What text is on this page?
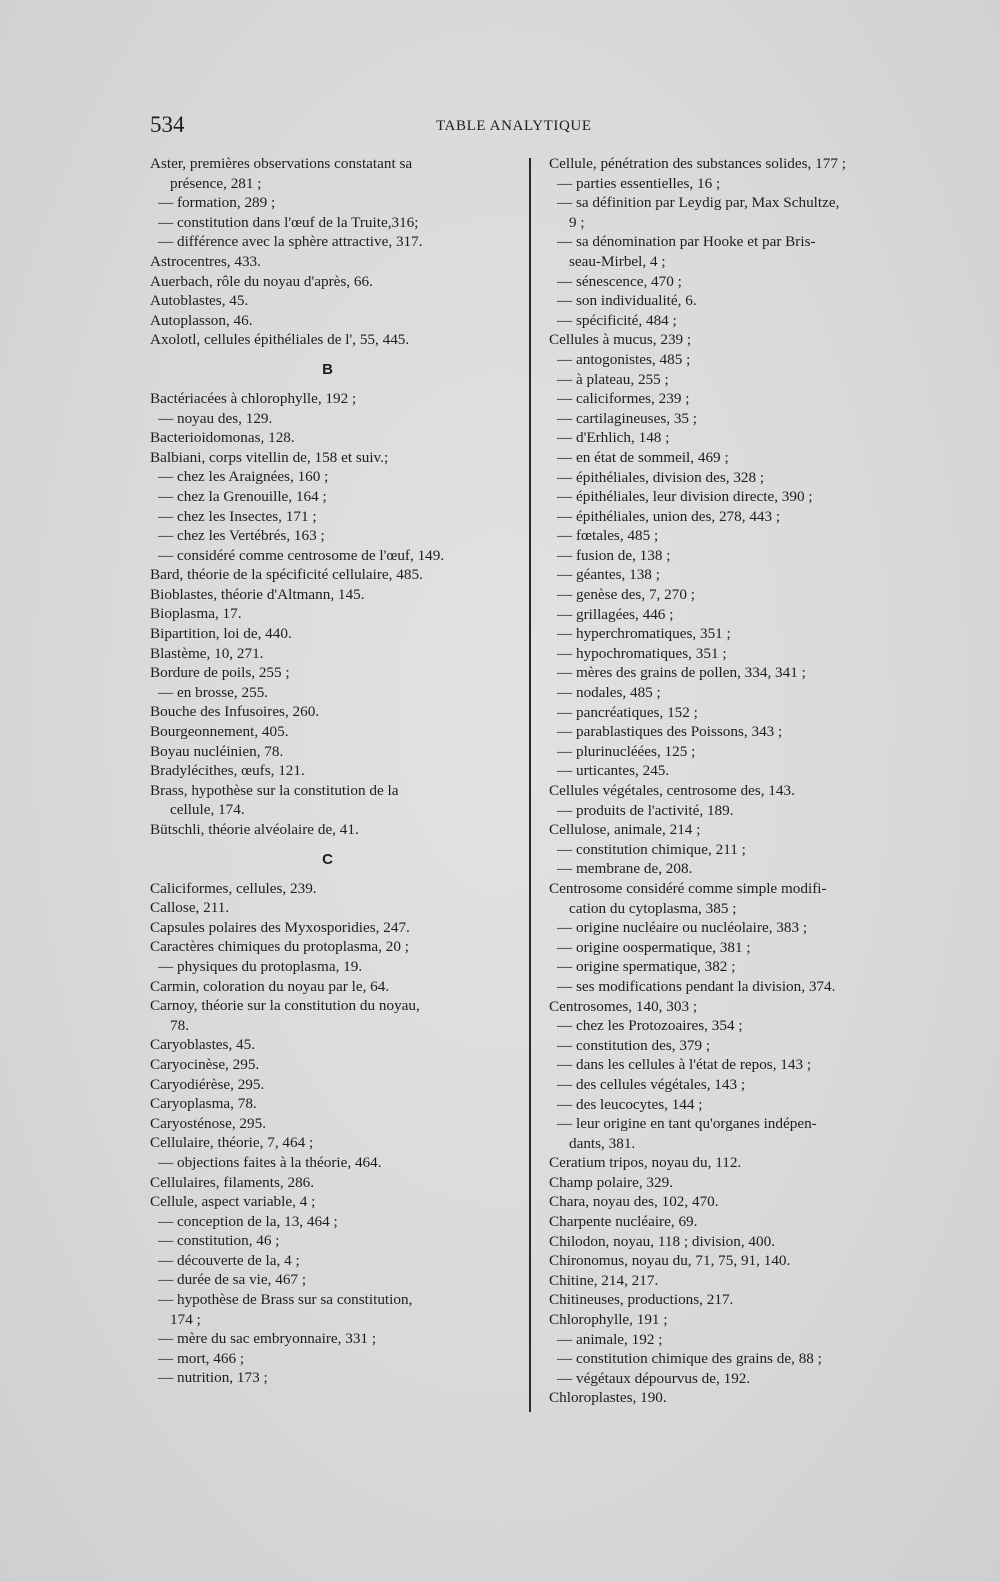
534	TABLE ANALYTIQUE
Aster, premières observations constatant sa
présence, 281 ;
— formation, 289 ;
— constitution dans l'œuf de la Truite,316;
— différence avec la sphère attractive, 317.
Astrocentres, 433.
Auerbach, rôle du noyau d'après, 66.
Autoblastes, 45.
Autoplasson, 46.
Axolotl, cellules épithéliales de l', 55, 445.
B
Bactériacées à chlorophylle, 192 ;
— noyau des, 129.
Bacterioidomonas, 128.
Balbiani, corps vitellin de, 158 et suiv.;
— chez les Araignées, 160 ;
— chez la Grenouille, 164 ;
— chez les Insectes, 171 ;
— chez les Vertébrés, 163 ;
— considéré comme centrosome de l'œuf, 149.
Bard, théorie de la spécificité cellulaire, 485.
Bioblastes, théorie d'Altmann, 145.
Bioplasma, 17.
Bipartition, loi de, 440.
Blastème, 10, 271.
Bordure de poils, 255 ;
— en brosse, 255.
Bouche des Infusoires, 260.
Bourgeonnement, 405.
Boyau nucléinien, 78.
Bradylécithes, œufs, 121.
Brass, hypothèse sur la constitution de la
cellule, 174.
Bütschli, théorie alvéolaire de, 41.
C
Caliciformes, cellules, 239.
Callose, 211.
Capsules polaires des Myxosporidies, 247.
Caractères chimiques du protoplasma, 20 ;
— physiques du protoplasma, 19.
Carmin, coloration du noyau par le, 64.
Carnoy, théorie sur la constitution du noyau,
78.
Caryoblastes, 45.
Caryocinèse, 295.
Caryodiérèse, 295.
Caryoplasma, 78.
Caryosténose, 295.
Cellulaire, théorie, 7, 464 ;
— objections faites à la théorie, 464.
Cellulaires, filaments, 286.
Cellule, aspect variable, 4 ;
— conception de la, 13, 464 ;
— constitution, 46 ;
— découverte de la, 4 ;
— durée de sa vie, 467 ;
— hypothèse de Brass sur sa constitution,
174 ;
— mère du sac embryonnaire, 331 ;
— mort, 466 ;
— nutrition, 173 ;
Cellule, pénétration des substances solides, 177 ;
— parties essentielles, 16 ;
— sa définition par Leydig par, Max Schultze,
9 ;
— sa dénomination par Hooke et par Bris-
seau-Mirbel, 4 ;
— sénescence, 470 ;
— son individualité, 6.
— spécificité, 484 ;
Cellules à mucus, 239 ;
— antogonistes, 485 ;
— à plateau, 255 ;
— caliciformes, 239 ;
— cartilagineuses, 35 ;
— d'Erhlich, 148 ;
— en état de sommeil, 469 ;
— épithéliales, division des, 328 ;
— épithéliales, leur division directe, 390 ;
— épithéliales, union des, 278, 443 ;
— fœtales, 485 ;
— fusion de, 138 ;
— géantes, 138 ;
— genèse des, 7, 270 ;
— grillagées, 446 ;
— hyperchromatiques, 351 ;
— hypochromatiques, 351 ;
— mères des grains de pollen, 334, 341 ;
— nodales, 485 ;
— pancréatiques, 152 ;
— parablastiques des Poissons, 343 ;
— plurinucléées, 125 ;
— urticantes, 245.
Cellules végétales, centrosome des, 143.
— produits de l'activité, 189.
Cellulose, animale, 214 ;
— constitution chimique, 211 ;
— membrane de, 208.
Centrosome considéré comme simple modifi-
cation du cytoplasma, 385 ;
— origine nucléaire ou nucléolaire, 383 ;
— origine oospermatique, 381 ;
— origine spermatique, 382 ;
— ses modifications pendant la division, 374.
Centrosomes, 140, 303 ;
— chez les Protozoaires, 354 ;
— constitution des, 379 ;
— dans les cellules à l'état de repos, 143 ;
— des cellules végétales, 143 ;
— des leucocytes, 144 ;
— leur origine en tant qu'organes indépen-
dants, 381.
Ceratium tripos, noyau du, 112.
Champ polaire, 329.
Chara, noyau des, 102, 470.
Charpente nucléaire, 69.
Chilodon, noyau, 118 ; division, 400.
Chironomus, noyau du, 71, 75, 91, 140.
Chitine, 214, 217.
Chitineuses, productions, 217.
Chlorophylle, 191 ;
— animale, 192 ;
— constitution chimique des grains de, 88 ;
— végétaux dépourvus de, 192.
Chloroplastes, 190.
